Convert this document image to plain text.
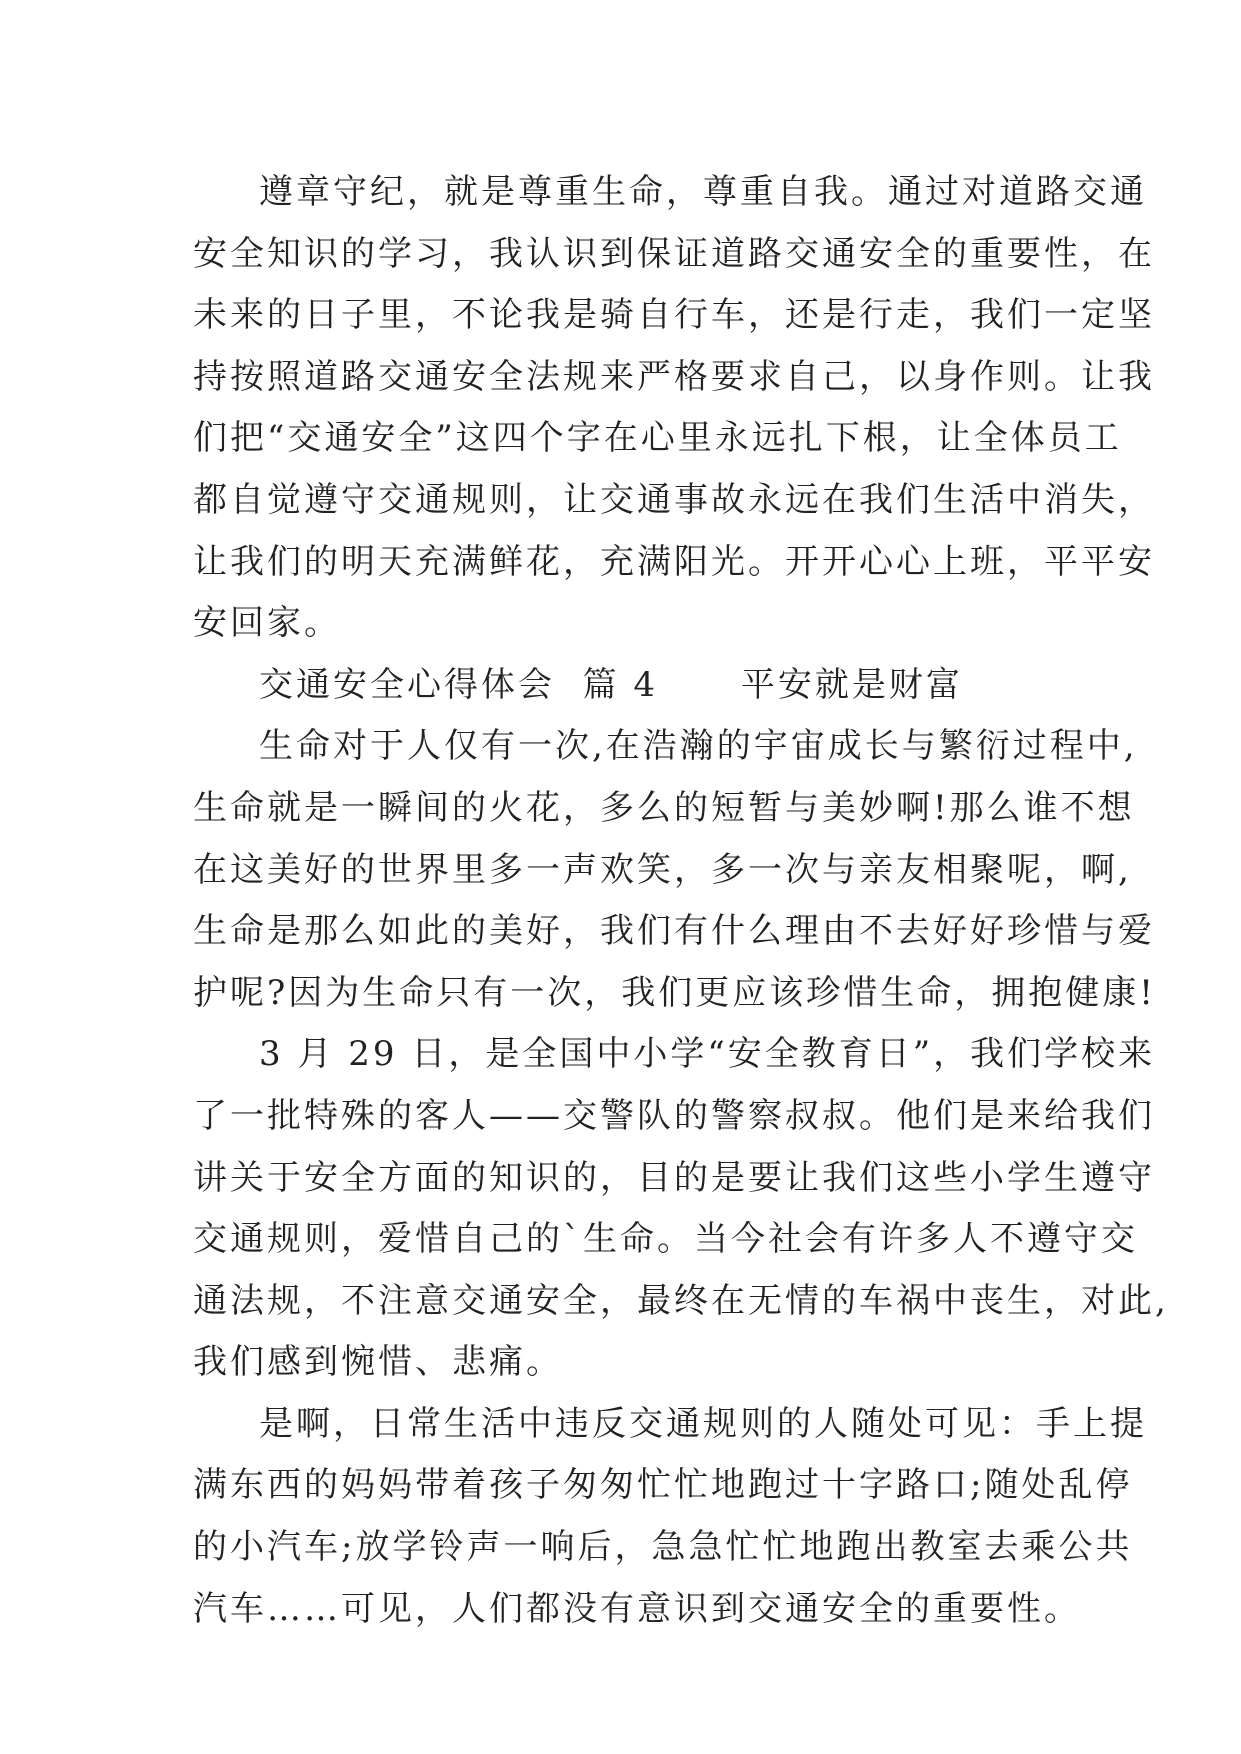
遵章守纪，就是尊重生命，尊重自我。通过对道路交通
安全知识的学习，我认识到保证道路交通安全的重要性，在
未来的日子里，不论我是骑自行车，还是行走，我们一定坚
持按照道路交通安全法规来严格要求自己，以身作则。让我
们把“交通安全”这四个字在心里永远扎下根，让全体员工
都自觉遵守交通规则，让交通事故永远在我们生活中消失，
让我们的明天充满鲜花，充满阳光。开开心心上班，平平安
安回家。

交通安全心得体会  篇 4      平安就是财富

生命对于人仅有一次,在浩瀚的宇宙成长与繁衍过程中,
生命就是一瞬间的火花，多么的短暂与美妙啊!那么谁不想
在这美好的世界里多一声欢笑，多一次与亲友相聚呢，啊,
生命是那么如此的美好，我们有什么理由不去好好珍惜与爱
护呢?因为生命只有一次，我们更应该珍惜生命，拥抱健康!

3 月 29 日，是全国中小学“安全教育日”，我们学校来
了一批特殊的客人——交警队的警察叔叔。他们是来给我们
讲关于安全方面的知识的，目的是要让我们这些小学生遵守
交通规则，爱惜自己的`生命。当今社会有许多人不遵守交
通法规，不注意交通安全，最终在无情的车祸中丧生，对此,
我们感到惋惜、悲痛。

是啊，日常生活中违反交通规则的人随处可见：手上提
满东西的妈妈带着孩子匆匆忙忙地跑过十字路口;随处乱停
的小汽车;放学铃声一响后，急急忙忙地跑出教室去乘公共
汽车……可见，人们都没有意识到交通安全的重要性。
